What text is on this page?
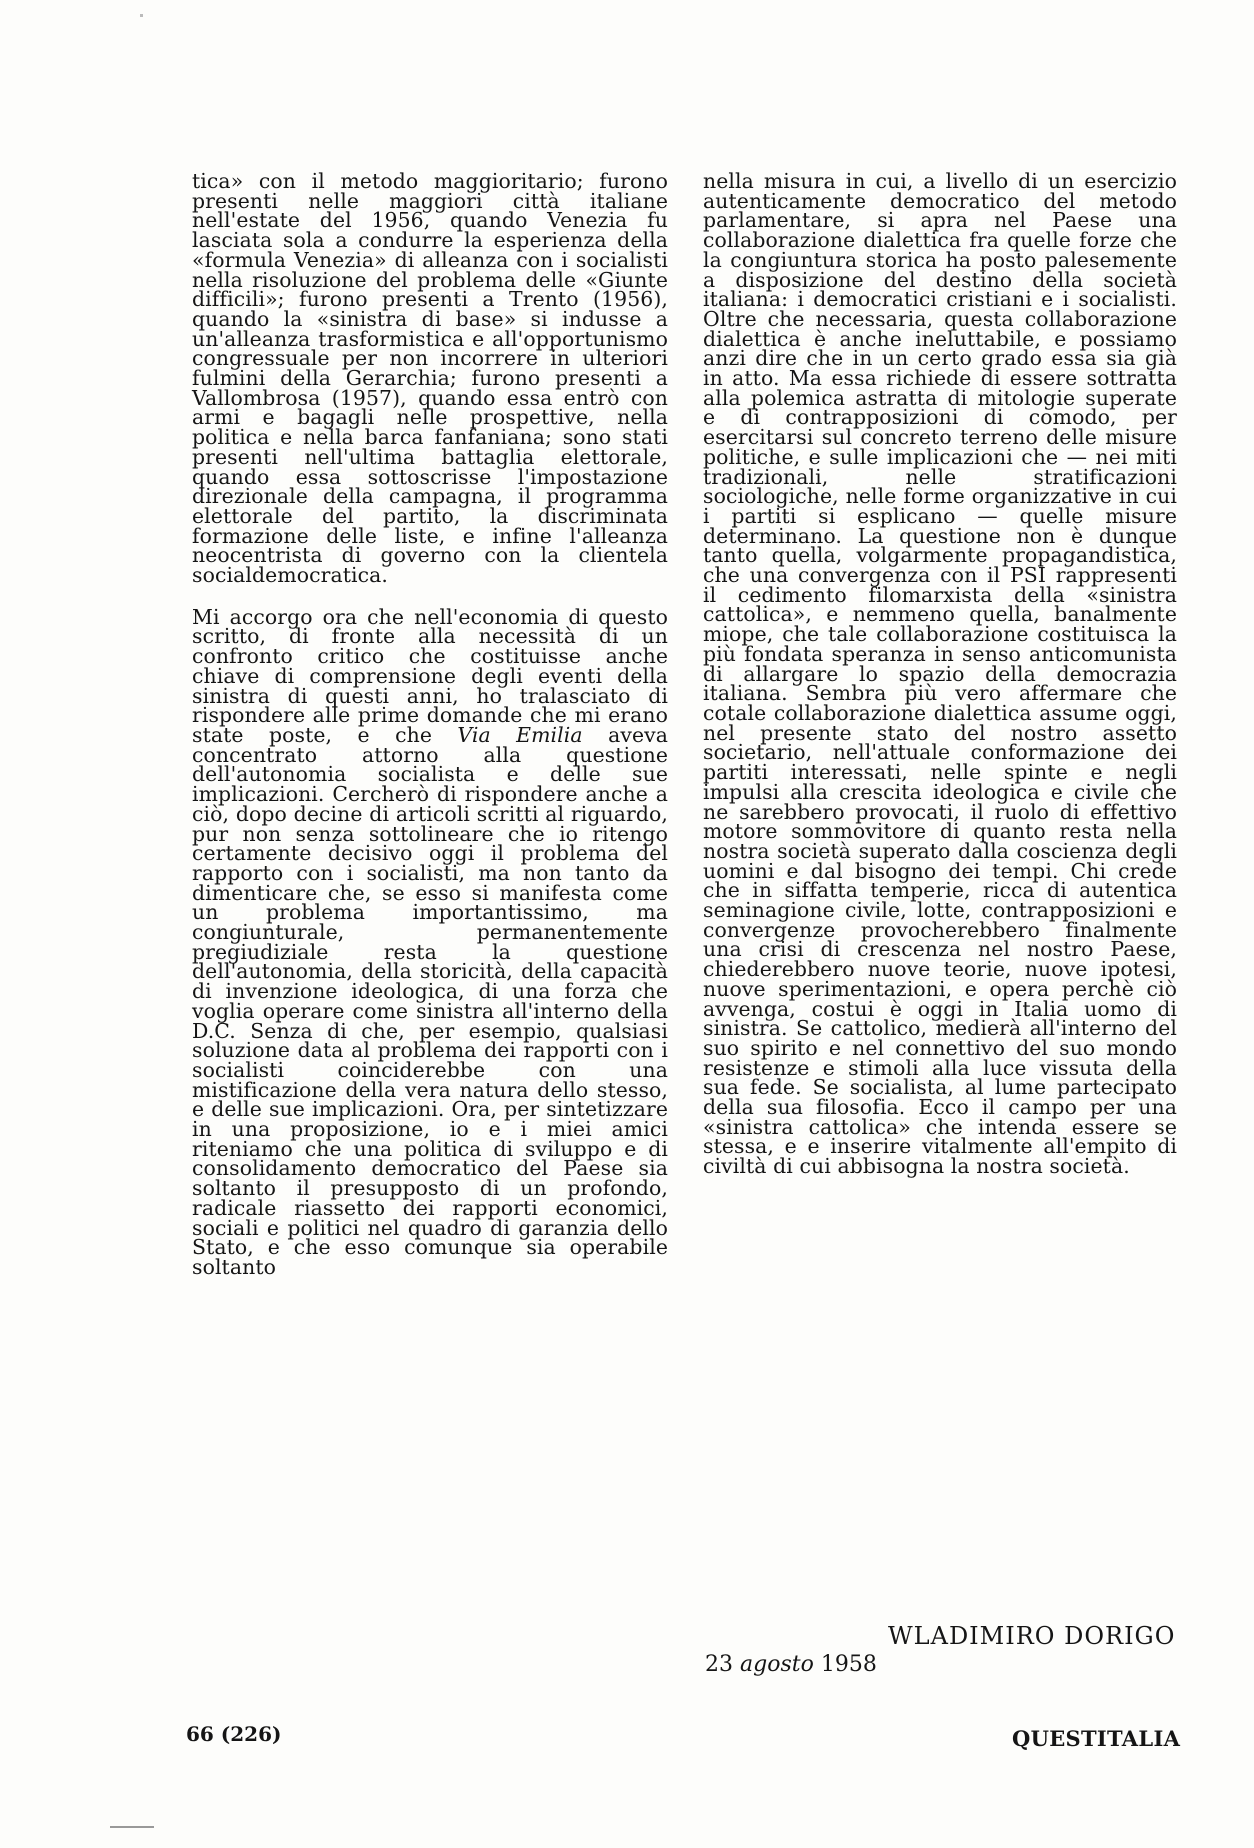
tica» con il metodo maggioritario; furono presenti nelle maggiori città italiane nell'estate del 1956, quando Venezia fu lasciata sola a condurre la esperienza della «formula Venezia» di alleanza con i socialisti nella risoluzione del problema delle «Giunte difficili»; furono presenti a Trento (1956), quando la «sinistra di base» si indusse a un'alleanza trasformistica e all'opportunismo congressuale per non incorrere in ulteriori fulmini della Gerarchia; furono presenti a Vallombrosa (1957), quando essa entrò con armi e bagagli nelle prospettive, nella politica e nella barca fanfaniana; sono stati presenti nell'ultima battaglia elettorale, quando essa sottoscrisse l'impostazione direzionale della campagna, il programma elettorale del partito, la discriminata formazione delle liste, e infine l'alleanza neocentrista di governo con la clientela socialdemocratica.

Mi accorgo ora che nell'economia di questo scritto, di fronte alla necessità di un confronto critico che costituisse anche chiave di comprensione degli eventi della sinistra di questi anni, ho tralasciato di rispondere alle prime domande che mi erano state poste, e che Via Emilia aveva concentrato attorno alla questione dell'autonomia socialista e delle sue implicazioni. Cercherò di rispondere anche a ciò, dopo decine di articoli scritti al riguardo, pur non senza sottolineare che io ritengo certamente decisivo oggi il problema del rapporto con i socialisti, ma non tanto da dimenticare che, se esso si manifesta come un problema importantissimo, ma congiunturale, permanentemente pregiudiziale resta la questione dell'autonomia, della storicità, della capacità di invenzione ideologica, di una forza che voglia operare come sinistra all'interno della D.C. Senza di che, per esempio, qualsiasi soluzione data al problema dei rapporti con i socialisti coinciderebbe con una mistificazione della vera natura dello stesso, e delle sue implicazioni. Ora, per sintetizzare in una proposizione, io e i miei amici riteniamo che una politica di sviluppo e di consolidamento democratico del Paese sia soltanto il presupposto di un profondo, radicale riassetto dei rapporti economici, sociali e politici nel quadro di garanzia dello Stato, e che esso comunque sia operabile soltanto

nella misura in cui, a livello di un esercizio autenticamente democratico del metodo parlamentare, si apra nel Paese una collaborazione dialettica fra quelle forze che la congiuntura storica ha posto palesemente a disposizione del destino della società italiana: i democratici cristiani e i socialisti. Oltre che necessaria, questa collaborazione dialettica è anche ineluttabile, e possiamo anzi dire che in un certo grado essa sia già in atto. Ma essa richiede di essere sottratta alla polemica astratta di mitologie superate e di contrapposizioni di comodo, per esercitarsi sul concreto terreno delle misure politiche, e sulle implicazioni che — nei miti tradizionali, nelle stratificazioni sociologiche, nelle forme organizzative in cui i partiti si esplicano — quelle misure determinano. La questione non è dunque tanto quella, volgarmente propagandistica, che una convergenza con il PSI rappresenti il cedimento filomarxista della «sinistra cattolica», e nemmeno quella, banalmente miope, che tale collaborazione costituisca la più fondata speranza in senso anticomunista di allargare lo spazio della democrazia italiana. Sembra più vero affermare che cotale collaborazione dialettica assume oggi, nel presente stato del nostro assetto societario, nell'attuale conformazione dei partiti interessati, nelle spinte e negli impulsi alla crescita ideologica e civile che ne sarebbero provocati, il ruolo di effettivo motore sommovitore di quanto resta nella nostra società superato dalla coscienza degli uomini e dal bisogno dei tempi. Chi crede che in siffatta temperie, ricca di autentica seminagione civile, lotte, contrapposizioni e convergenze provocherebbero finalmente una crisi di crescenza nel nostro Paese, chiederebbero nuove teorie, nuove ipotesi, nuove sperimentazioni, e opera perchè ciò avvenga, costui è oggi in Italia uomo di sinistra. Se cattolico, medierà all'interno del suo spirito e nel connettivo del suo mondo resistenze e stimoli alla luce vissuta della sua fede. Se socialista, al lume partecipato della sua filosofia. Ecco il campo per una «sinistra cattolica» che intenda essere se stessa, e e inserire vitalmente all'empito di civiltà di cui abbisogna la nostra società.

WLADIMIRO DORIGO
23 agosto 1958
66 (226)	QUESTITALIA
